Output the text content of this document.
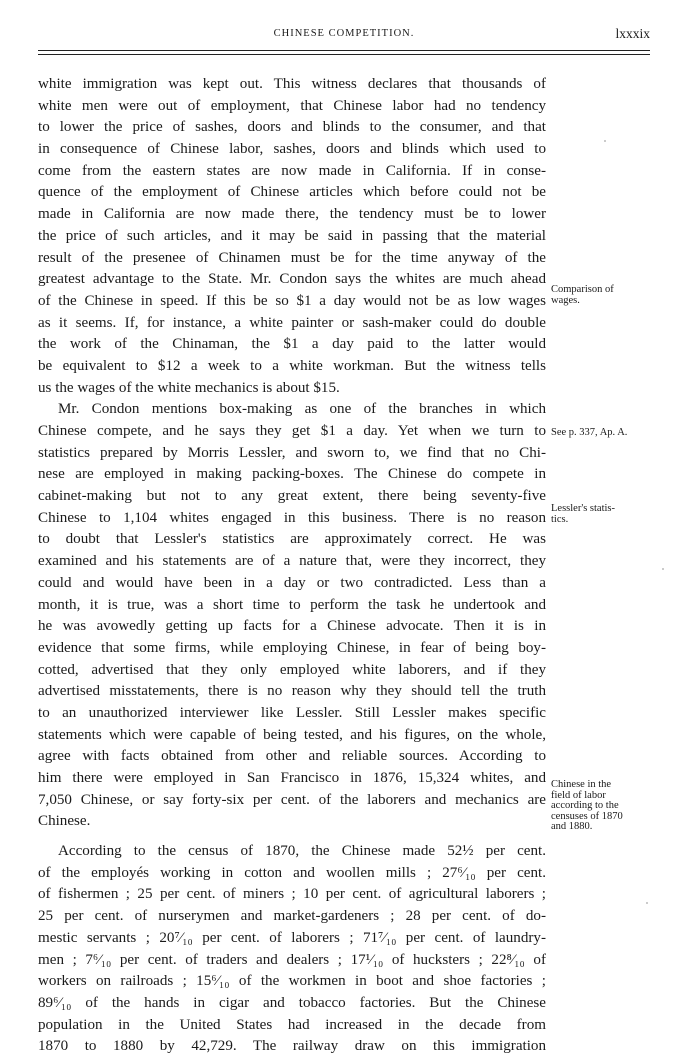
CHINESE COMPETITION.	lxxxix
white immigration was kept out. This witness declares that thousands of
white men were out of employment, that Chinese labor had no tendency
to lower the price of sashes, doors and blinds to the consumer, and that
in consequence of Chinese labor, sashes, doors and blinds which used to
come from the eastern states are now made in California. If in conse-
quence of the employment of Chinese articles which before could not be
made in California are now made there, the tendency must be to lower
the price of such articles, and it may be said in passing that the material
result of the presenee of Chinamen must be for the time anyway of the
greatest advantage to the State. Mr. Condon says the whites are much ahead
of the Chinese in speed. If this be so $1 a day would not be as low wages
as it seems. If, for instance, a white painter or sash-maker could do double
the work of the Chinaman, the $1 a day paid to the latter would
be equivalent to $12 a week to a white workman. But the witness tells
us the wages of the white mechanics is about $15.
Mr. Condon mentions box-making as one of the branches in which
Chinese compete, and he says they get $1 a day. Yet when we turn to
statistics prepared by Morris Lessler, and sworn to, we find that no Chi-
nese are employed in making packing-boxes. The Chinese do compete in
cabinet-making but not to any great extent, there being seventy-five
Chinese to 1,104 whites engaged in this business. There is no reason
to doubt that Lessler's statistics are approximately correct. He was
examined and his statements are of a nature that, were they incorrect, they
could and would have been in a day or two contradicted. Less than a
month, it is true, was a short time to perform the task he undertook and
he was avowedly getting up facts for a Chinese advocate. Then it is in
evidence that some firms, while employing Chinese, in fear of being boy-
cotted, advertised that they only employed white laborers, and if they
advertised misstatements, there is no reason why they should tell the truth
to an unauthorized interviewer like Lessler. Still Lessler makes specific
statements which were capable of being tested, and his figures, on the whole,
agree with facts obtained from other and reliable sources. According to
him there were employed in San Francisco in 1876, 15,324 whites, and
7,050 Chinese, or say forty-six per cent. of the laborers and mechanics are
Chinese.
According to the census of 1870, the Chinese made 52½ per cent.
of the employés working in cotton and woollen mills ; 27⁶⁄₁₀ per cent.
of fishermen ; 25 per cent. of miners ; 10 per cent. of agricultural laborers ;
25 per cent. of nurserymen and market-gardeners ; 28 per cent. of do-
mestic servants ; 20⁷⁄₁₀ per cent. of laborers ; 71⁷⁄₁₀ per cent. of laundry-
men ; 7⁶⁄₁₀ per cent. of traders and dealers ; 17¹⁄₁₀ of hucksters ; 22⁸⁄₁₀ of
workers on railroads ; 15⁶⁄₁₀ of the workmen in boot and shoe factories ;
89⁶⁄₁₀ of the hands in cigar and tobacco factories. But the Chinese
population in the United States had increased in the decade from
1870 to 1880 by 42,729. The railway draw on this immigration
Comparison of
wages.
See p. 337, Ap. A.
Lessler's statis-
tics.
Chinese in the
field of labor
according to the
censuses of 1870
and 1880.
